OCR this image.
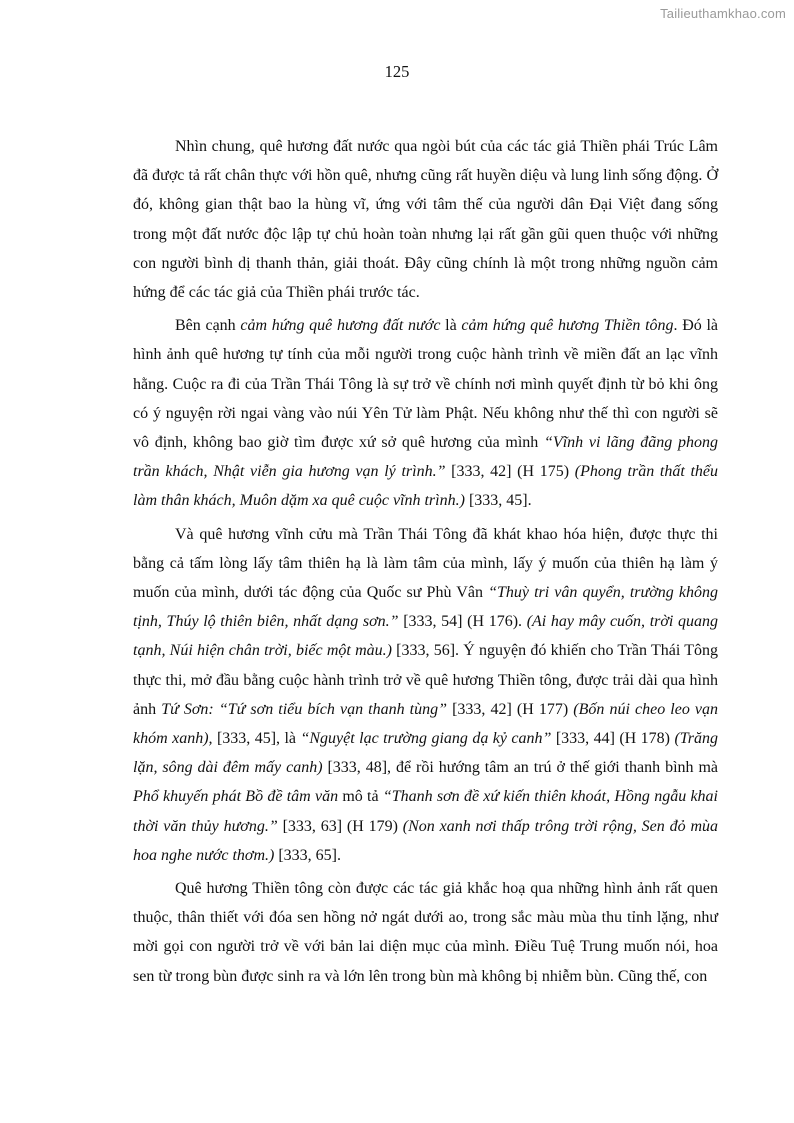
Tailieuthamkhao.com
125

Nhìn chung, quê hương đất nước qua ngòi bút của các tác giả Thiền phái Trúc Lâm đã được tả rất chân thực với hồn quê, nhưng cũng rất huyền diệu và lung linh sống động. Ở đó, không gian thật bao la hùng vĩ, ứng với tâm thế của người dân Đại Việt đang sống trong một đất nước độc lập tự chủ hoàn toàn nhưng lại rất gần gũi quen thuộc với những con người bình dị thanh thản, giải thoát. Đây cũng chính là một trong những nguồn cảm hứng để các tác giả của Thiền phái trước tác.

Bên cạnh cảm hứng quê hương đất nước là cảm hứng quê hương Thiền tông. Đó là hình ảnh quê hương tự tính của mỗi người trong cuộc hành trình về miền đất an lạc vĩnh hằng. Cuộc ra đi của Trần Thái Tông là sự trở về chính nơi mình quyết định từ bỏ khi ông có ý nguyện rời ngai vàng vào núi Yên Tử làm Phật. Nếu không như thế thì con người sẽ vô định, không bao giờ tìm được xứ sở quê hương của mình “Vĩnh vi lãng đãng phong trần khách, Nhật viễn gia hương vạn lý trình.” [333, 42] (H 175) (Phong trần thất thểu làm thân khách, Muôn dặm xa quê cuộc vĩnh trình.) [333, 45].

Và quê hương vĩnh cửu mà Trần Thái Tông đã khát khao hóa hiện, được thực thi bằng cả tấm lòng lấy tâm thiên hạ là làm tâm của mình, lấy ý muốn của thiên hạ làm ý muốn của mình, dưới tác động của Quốc sư Phù Vân “Thuỳ tri vân quyển, trường không tịnh, Thúy lộ thiên biên, nhất dạng sơn.” [333, 54] (H 176). (Ai hay mây cuốn, trời quang tạnh, Núi hiện chân trời, biếc một màu.) [333, 56]. Ý nguyện đó khiến cho Trần Thái Tông thực thi, mở đầu bằng cuộc hành trình trở về quê hương Thiền tông, được trải dài qua hình ảnh Tứ Sơn: “Tứ sơn tiểu bích vạn thanh tùng” [333, 42] (H 177) (Bốn núi cheo leo vạn khóm xanh), [333, 45], là “Nguyệt lạc trường giang dạ kỷ canh” [333, 44] (H 178) (Trăng lặn, sông dài đêm mấy canh) [333, 48], để rồi hướng tâm an trú ở thế giới thanh bình mà Phổ khuyến phát Bồ đề tâm văn mô tả “Thanh sơn đề xứ kiến thiên khoát, Hồng ngẫu khai thời văn thủy hương.” [333, 63] (H 179) (Non xanh nơi thấp trông trời rộng, Sen đỏ mùa hoa nghe nước thơm.) [333, 65].

Quê hương Thiền tông còn được các tác giả khắc hoạ qua những hình ảnh rất quen thuộc, thân thiết với đóa sen hồng nở ngát dưới ao, trong sắc màu mùa thu tỉnh lặng, như mời gọi con người trở về với bản lai diện mục của mình. Điều Tuệ Trung muốn nói, hoa sen từ trong bùn được sinh ra và lớn lên trong bùn mà không bị nhiễm bùn. Cũng thế, con
